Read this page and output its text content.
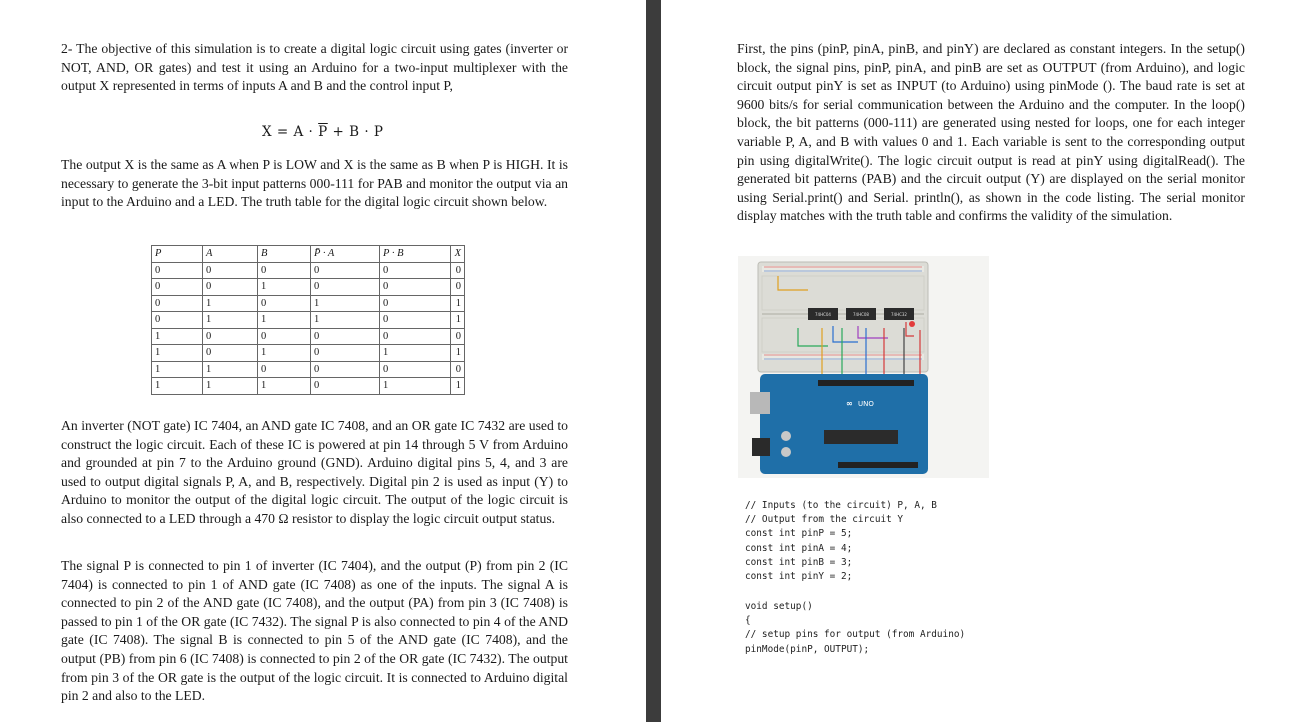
2- The objective of this simulation is to create a digital logic circuit using gates (inverter or NOT, AND, OR gates) and test it using an Arduino for a two-input multiplexer with the output X represented in terms of inputs A and B and the control input P,

$X = A \cdot \overline{P} + B \cdot P$

The output X is the same as A when P is LOW and X is the same as B when P is HIGH. It is necessary to generate the 3-bit input patterns 000-111 for PAB and monitor the output via an input to the Arduino and a LED. The truth table for the digital logic circuit shown below.

P	A	B	P̄ · A	P · B	X
0	0	0	0	0	0
0	0	1	0	0	0
0	1	0	1	0	1
0	1	1	1	0	1
1	0	0	0	0	0
1	0	1	0	1	1
1	1	0	0	0	0
1	1	1	0	1	1

An inverter (NOT gate) IC 7404, an AND gate IC 7408, and an OR gate IC 7432 are used to construct the logic circuit. Each of these IC is powered at pin 14 through 5 V from Arduino and grounded at pin 7 to the Arduino ground (GND). Arduino digital pins 5, 4, and 3 are used to output digital signals P, A, and B, respectively. Digital pin 2 is used as input (Y) to Arduino to monitor the output of the digital logic circuit. The output of the logic circuit is also connected to a LED through a 470 Ω resistor to display the logic circuit output status.

The signal P is connected to pin 1 of inverter (IC 7404), and the output (P) from pin 2 (IC 7404) is connected to pin 1 of AND gate (IC 7408) as one of the inputs. The signal A is connected to pin 2 of the AND gate (IC 7408), and the output (PA) from pin 3 (IC 7408) is passed to pin 1 of the OR gate (IC 7432). The signal P is also connected to pin 4 of the AND gate (IC 7408). The signal B is connected to pin 5 of the AND gate (IC 7408), and the output (PB) from pin 6 (IC 7408) is connected to pin 2 of the OR gate (IC 7432). The output from pin 3 of the OR gate is the output of the logic circuit. It is connected to Arduino digital pin 2 and also to the LED.

First, the pins (pinP, pinA, pinB, and pinY) are declared as constant integers. In the setup() block, the signal pins, pinP, pinA, and pinB are set as OUTPUT (from Arduino), and logic circuit output pinY is set as INPUT (to Arduino) using pinMode (). The baud rate is set at 9600 bits/s for serial communication between the Arduino and the computer. In the loop() block, the bit patterns (000-111) are generated using nested for loops, one for each integer variable P, A, and B with values 0 and 1. Each variable is sent to the corresponding output pin using digitalWrite(). The logic circuit output is read at pinY using digitalRead(). The generated bit patterns (PAB) and the circuit output (Y) are displayed on the serial monitor using Serial.print() and Serial. println(), as shown in the code listing. The serial monitor display matches with the truth table and confirms the validity of the simulation.

74HC04	74HC08	74HC32
∞ UNO
// Inputs (to the circuit) P, A, B
// Output from the circuit Y
const int pinP = 5;
const int pinA = 4;
const int pinB = 3;
const int pinY = 2;
void setup()
{
// setup pins for output (from Arduino)
pinMode(pinP, OUTPUT);
